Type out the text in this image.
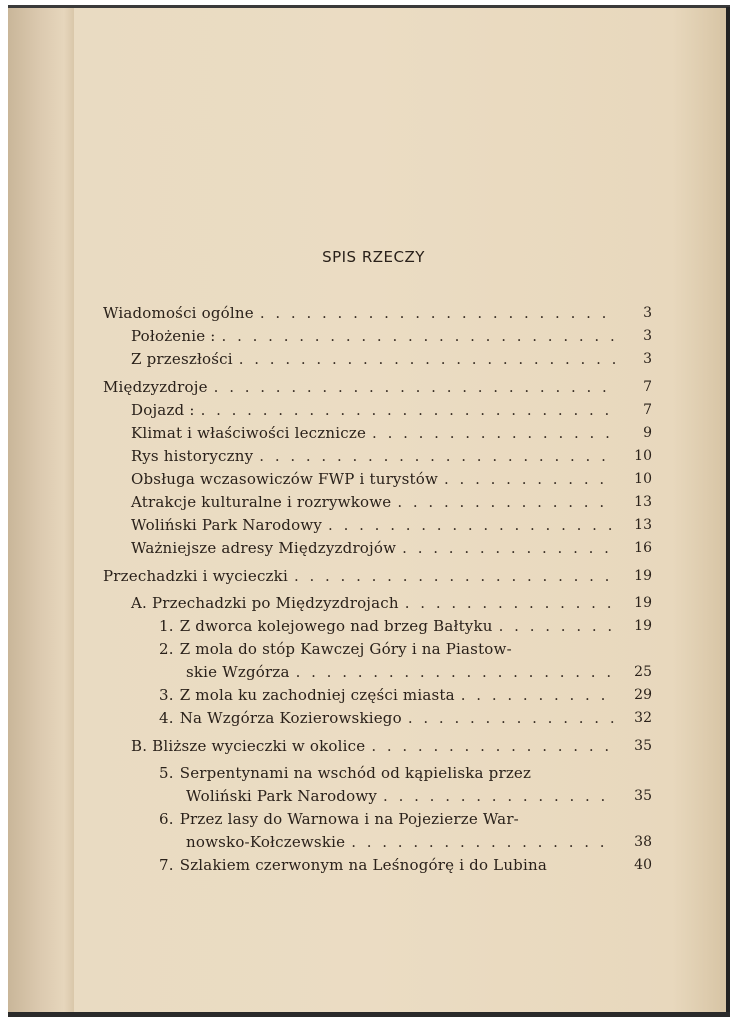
SPIS RZECZY
Wiadomości ogólne . . .	3
Położenie : . . .	3
Z przeszłości . . .	3
Międzyzdroje . . .	7
Dojazd : . . .	7
Klimat i właściwości lecznicze . . .	9
Rys historyczny . . .	10
Obsługa wczasowiczów FWP i turystów . . .	10
Atrakcje kulturalne i rozrywkowe . . .	13
Woliński Park Narodowy . . .	13
Ważniejsze adresy Międzyzdrojów . . .	16
Przechadzki i wycieczki . . .	19
A. Przechadzki po Międzyzdrojach . . .	19
1. Z dworca kolejowego nad brzeg Bałtyku . . .	19
2. Z mola do stóp Kawczej Góry i na Piastow-
skie Wzgórza . . .	25
3. Z mola ku zachodniej części miasta . . .	29
4. Na Wzgórza Kozierowskiego . . .	32
B. Bliższe wycieczki w okolice . . .	35
5. Serpentynami na wschód od kąpieliska przez
Woliński Park Narodowy . . .	35
6. Przez lasy do Warnowa i na Pojezierze War-
nowsko-Kołczewskie . . .	38
7. Szlakiem czerwonym na Leśnogórę i do Lubina	40
